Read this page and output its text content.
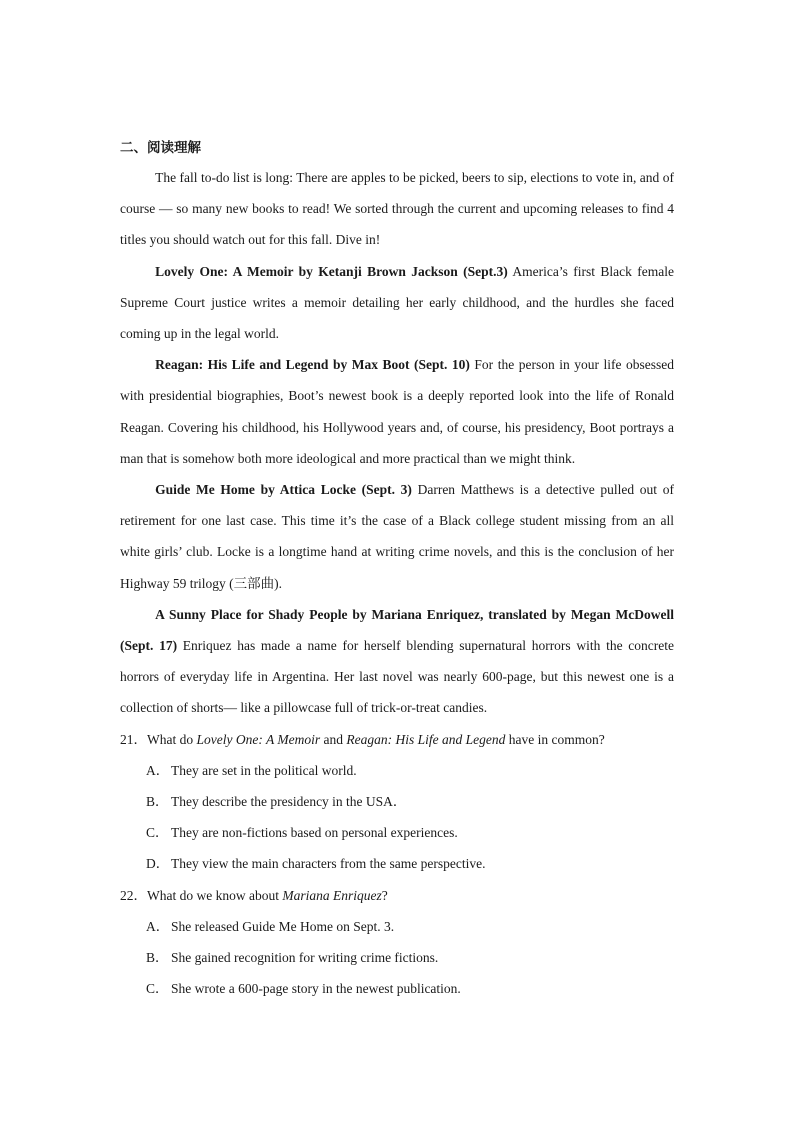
二、阅读理解

The fall to-do list is long: There are apples to be picked, beers to sip, elections to vote in, and of course — so many new books to read! We sorted through the current and upcoming releases to find 4 titles you should watch out for this fall. Dive in!

Lovely One: A Memoir by Ketanji Brown Jackson (Sept.3) America’s first Black female Supreme Court justice writes a memoir detailing her early childhood, and the hurdles she faced coming up in the legal world.

Reagan: His Life and Legend by Max Boot (Sept. 10) For the person in your life obsessed with presidential biographies, Boot’s newest book is a deeply reported look into the life of Ronald Reagan. Covering his childhood, his Hollywood years and, of course, his presidency, Boot portrays a man that is somehow both more ideological and more practical than we might think.

Guide Me Home by Attica Locke (Sept. 3) Darren Matthews is a detective pulled out of retirement for one last case. This time it’s the case of a Black college student missing from an all white girls’ club. Locke is a longtime hand at writing crime novels, and this is the conclusion of her Highway 59 trilogy (三部曲).

A Sunny Place for Shady People by Mariana Enriquez, translated by Megan McDowell (Sept. 17) Enriquez has made a name for herself blending supernatural horrors with the concrete horrors of everyday life in Argentina. Her last novel was nearly 600-page, but this newest one is a collection of shorts— like a pillowcase full of trick-or-treat candies.

21．What do Lovely One: A Memoir and Reagan: His Life and Legend have in common?

A． They are set in the political world.

B． They describe the presidency in the USA．

C． They are non-fictions based on personal experiences.

D． They view the main characters from the same perspective.

22．What do we know about Mariana Enriquez?

A． She released Guide Me Home on Sept. 3.

B． She gained recognition for writing crime fictions.

C． She wrote a 600-page story in the newest publication.
